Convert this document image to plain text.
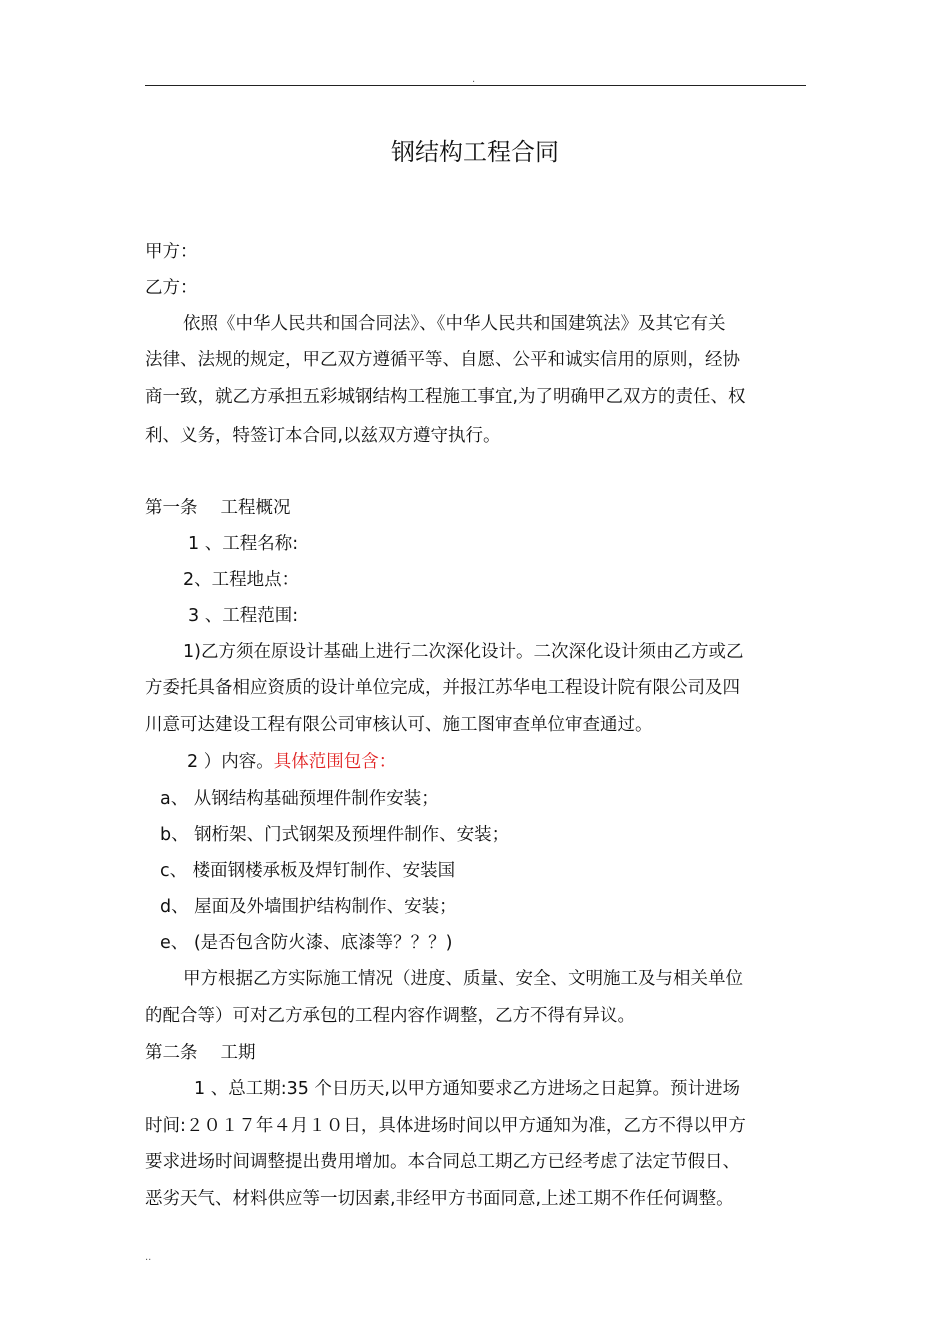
.
钢结构工程合同
甲方：
乙方：
依照《中华人民共和国合同法》、《中华人民共和国建筑法》及其它有关
法律、法规的规定，甲乙双方遵循平等、自愿、公平和诚实信用的原则，经协
商一致，就乙方承担五彩城钢结构工程施工事宜,为了明确甲乙双方的责任、权
利、义务，特签订本合同,以兹双方遵守执行。
第一条　 工程概况
1 、工程名称:
2、工程地点：
3 、工程范围:
1)乙方须在原设计基础上进行二次深化设计。二次深化设计须由乙方或乙
方委托具备相应资质的设计单位完成，并报江苏华电工程设计院有限公司及四
川意可达建设工程有限公司审核认可、施工图审查单位审查通过。
2 ）内容。具体范围包含：
a、 从钢结构基础预埋件制作安装；
b、 钢桁架、门式钢架及预埋件制作、安装；
c、 楼面钢楼承板及焊钉制作、安装国
d、 屋面及外墙围护结构制作、安装；
e、 (是否包含防火漆、底漆等？？？)
甲方根据乙方实际施工情况（进度、质量、安全、文明施工及与相关单位
的配合等）可对乙方承包的工程内容作调整，乙方不得有异议。
第二条　 工期
1 、总工期:35 个日历天,以甲方通知要求乙方进场之日起算。预计进场
时间:２０１７年４月１０日，具体进场时间以甲方通知为准，乙方不得以甲方
要求进场时间调整提出费用增加。本合同总工期乙方已经考虑了法定节假日、
恶劣天气、材料供应等一切因素,非经甲方书面同意,上述工期不作任何调整。
..
